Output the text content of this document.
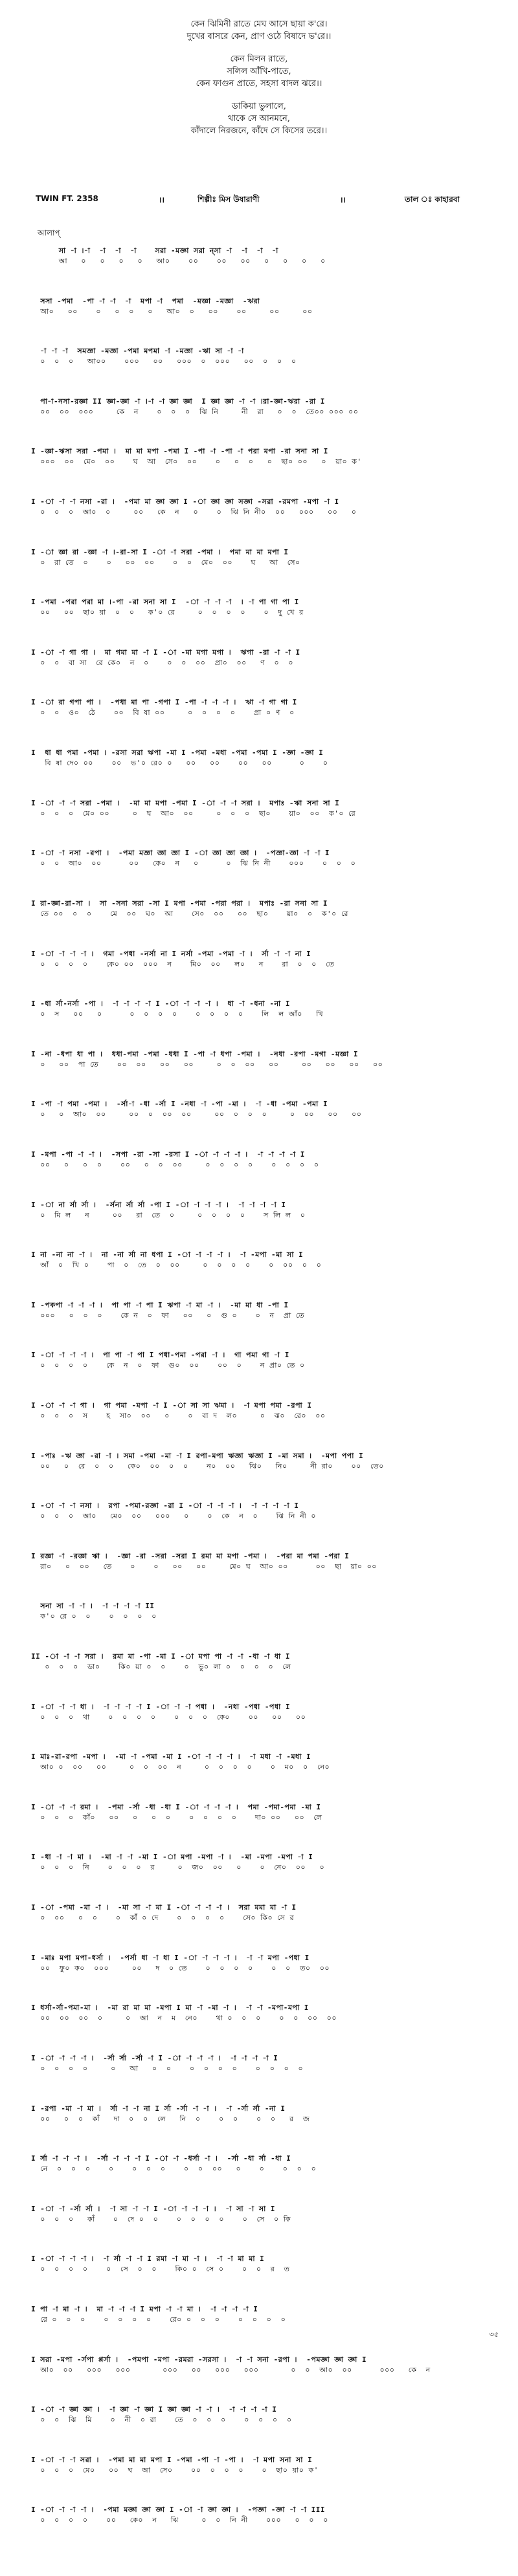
কেন ঝিমিনী রাতে মেঘ আসে ছায়া ক'রে।
দুখের বাসরে কেন, প্রাণ ওঠে বিষাদে ভ'রে।।
কেন মিলন রাতে,
সলিল আঁখি-পাতে,
কেন ফাগুন প্রাতে, সহসা বাদল ঝরে।।
ডাকিয়া ভুলালে,
থাকে সে আনমনে,
কাঁদালে নিরজনে, কাঁদে সে কিসের তরে।।
TWIN FT. 2358	।।	শিল্পীঃ মিস উষারাণী	।।	তাল ঃ কাহারবা
আলাপ্‌
সা -া ।-া  -া  -া  -া    সরা -মজ্ঞা সরা ন্‌সা -া  -া  -া  -া
আ   ০   ০   ০   ০   আ০    ০০    ০০   ০০   ০   ০   ০   ০
সসা -পমা  -পা -া -া  -া  মপা -া  পমা  -মজ্ঞা -মজ্ঞা  -ঋরা
আ০   ০০    ০   ০  ০   ০   আ০  ০   ০০    ০০     ০০     ০০
-া -া -া  সমজ্ঞা -মজ্ঞা -পমা মপমা -া -মজ্ঞা -ঋা সা -া -া
০  ০  ০   আ০০    ০০০   ০০   ০০০  ০  ০০০   ০০  ০  ০  ০
পা-া-নসা-রজ্ঞা II জ্ঞা-জ্ঞা -া ।-া -া জ্ঞা জ্ঞা  I জ্ঞা জ্ঞা -া -া ।রা-জ্ঞা-ঋরা -রা I
০০  ০০  ০০০     কে  ন    ০  ০  ০  ঝি নি     নী  রা   ০  ০  তে০০ ০০০ ০০
I -জ্ঞা-ঋসা সরা -পমা ।  মা মা মপা -পমা I -পা -া -পা -া পরা মপা -রা সনা সা I
০০০  ০০  মে০  ০০    ঘ  আ  সে০  ০০    ০   ০  ০   ০  ছা০ ০০   ০  য়া০ ক'
I -া -া -া নসা -রা ।  -পমা মা জ্ঞা জ্ঞা I -া জ্ঞা জ্ঞা সজ্ঞা -সরা -রমপা -মপা -া I
০  ০  ০  আ০  ০     ০০   কে  ন   ০    ০  ঝি নি নী০  ০০   ০০০   ০০   ০
I -া জ্ঞা রা -জ্ঞা -া ।-রা-সা I -া -া সরা -পমা ।  পমা মা মা মপা I
০  রা তে  ০    ০   ০০  ০০    ০  ০  মে০  ০০    ঘ   আ  সে০
I -পমা -পরা পরা মা ।-পা -রা সনা সা I  -া -া -া -া  । -া পা গা পা I
০০   ০০  ছা০ য়া  ০  ০   ক'০ রে     ০  ০  ০  ০    ০  দু খে র
I -া -া গা গা ।  মা গমা মা -া I -া -মা মগা মগা ।  ঋগা -রা -া -া I
০  ০  বা সা  রে কে০  ন  ০    ০  ০  ০০  প্রা০  ০০   ণ  ০  ০
I -া রা গপা পা ।  -পধা মা পা -গপা I -পা -া -া -া ।  ঋা -া গা গা I
০  ০  ও০  ঠে    ০০  বি ষা ০০     ০  ০  ০  ০    প্রা ০ ণ  ০
I  ধা ধা পমা -পমা । -রসা সরা ঋপা -মা I -পমা -মধা -পমা -পমা I -জ্ঞা -জ্ঞা I
বি ষা দে০ ০০    ০০  ভ'০ রে০ ০   ০০   ০০    ০০   ০০      ০    ০
I -া -া -া সরা -পমা ।  -মা মা মপা -পমা I -া -া -া সরা ।  মপাঃ -ঋা সনা সা I
০  ০  ০  মে০ ০০     ০  ঘ  আ০  ০০     ০  ০  ০  ছা০    য়া০  ০০  ক'০ রে
I -া -া নসা -রপা ।  -পমা মজ্ঞা জ্ঞা জ্ঞা I -া জ্ঞা জ্ঞা জ্ঞা ।  -পজ্ঞা-জ্ঞা -া -া I
০  ০  আ০  ০০      ০০   কে০  ন   ০      ০  ঝি নি নী    ০০০    ০  ০  ০
I রা-জ্ঞা-রা-সা ।  সা -সনা সরা -সা I মপা -পমা -পরা পরা ।  মপাঃ -রা সনা সা I
তে ০০  ০  ০    মে  ০০  ঘ০  আ    সে০  ০০   ০০  ছা০    য়া০  ০  ক'০ রে
I -া -া -া -া ।  গমা -পধা -নর্সা না I নর্সা -পমা -পমা -া ।  র্সা -া -া না I
০  ০  ০  ০    কে০ ০০  ০০০  ন    মি০  ০০   ল০   ন    রা  ০  ০  তে
I -ধা র্সা-নর্সা -পা ।  -া -া -া -া I -া -া -া -া ।  ধা -া -ধনা -না I
০  স   ০০   ০      ০  ০  ০  ০    ০  ০  ০  ০    লি  ল আঁ০   খি
I -না -ধপা ধা পা ।  ধধা-পমা -পমা -ধধা I -পা -া ধপা -পমা ।  -নধা -রপা -মগা -মজ্ঞা I
০   ০০  পা তে    ০০  ০০   ০০   ০০     ০  ০  ০০   ০০     ০০   ০০   ০০   ০০
I -পা -া পমা -পমা ।  -র্সা-া -ধা -র্সা I -নধা -া -পা -মা ।  -া -ধা -পমা -পমা I
০   ০  আ০  ০০     ০০  ০  ০০  ০০     ০০  ০  ০  ০     ০  ০০   ০০   ০০
I -মপা -পা -া -া ।  -সপা -রা -সা -রসা I -া -া -া -া ।  -া -া -া -া I
০০   ০   ০  ০    ০০   ০  ০  ০০     ০  ০  ০  ০    ০  ০  ০  ০
I -া না র্সা র্সা ।  -র্সনা র্সা র্সা -পা I -া -া -া -া ।  -া -া -া -া I
০  মি ল   ন     ০০   রা  তে  ০     ০  ০  ০  ০    স লি ল  ০
I না -না না -া ।  না -না র্সা না ধপা I -া -া -া -া ।  -া -মপা -মা সা I
আঁ  ০  খি ০    পা  ০  তে  ০  ০০     ০  ০  ০  ০    ০  ০০  ০  ০
I -পকপা -া -া -া ।  পা পা -া পা I ঋপা -া মা -া ।  -মা মা ধা -পা I
০০০   ০  ০  ০    কে ন  ০  ফা   ০০   ০  গু ০    ০  ন  প্রা তে
I -া -া -া -া ।  পা পা -া পা I পধা-পমা -পরা -া ।  গা পমা গা -া I
০  ০  ০  ০    কে  ন  ০  ফা  গু০  ০০    ০০  ০    ন প্রা০ তে ০
I -া -া -া গা ।  গা পমা -মপা -া I -া সা সা ঋমা ।  -া মপা পমা -রপা I
০  ০  ০  স    হ  সা০  ০০   ০    ০  বা দ  ল০     ০  ঝ০  রে০  ০০
I -পাঃ -ঋ জ্ঞা -রা -া । সমা -পমা -মা -া I রপা-মপা ঋজ্ঞা ঋজ্ঞা I -মা সমা ।  -মপা পপা I
০০   ০  রে  ০  ০   কে০  ০০  ০  ০    ন০  ০০   ঝি০   নি০     নী রা০    ০০  তে০
I -া -া -া নসা ।  রপা -পমা-রজ্ঞা -রা I -া -া -া -া ।  -া -া -া -া I
০  ০  ০  আ০   মে০  ০০   ০০০   ০    ০  কে  ন  ০    ঝি নি নী ০
I রজ্ঞা -া -রজ্ঞা ঋা ।  -জ্ঞা -রা -সরা -সরা I রমা মা মপা -পমা ।  -পরা মা পমা -পরা I
রা০   ০  ০০   তে    ০    ০   ০০   ০০     মে০ ঘ  আ০ ০০      ০০  ছা  য়া০ ০০
সনা সা -া -া ।  -া -া -া -া II
ক'০ রে ০  ০    ০  ০  ০  ০
II -া -া -া সরা ।  রমা মা -পা -মা I -া মপা পা -া -া -ধা -া ধা I
০  ০  ০  ডা০    কি০ য়া ০  ০    ০  ভু০ লা ০  ০  ০  ০  লে
I -া -া -া ধা ।  -া -া -া -া I -া -া -া পধা ।  -নধা -পধা -পধা I
০  ০  ০  থা    ০  ০  ০  ০    ০  ০  ০  কে০    ০০   ০০   ০০
I মাঃ-রা-রপা -মপা ।  -মা -া -পমা -মা I -া -া -া -া ।  -া মধা -া -মধা I
আ০ ০  ০০   ০০     ০  ০  ০০  ন     ০  ০  ০  ০    ০  ম০  ০  নে০
I -া -া -া রমা ।  -পমা -র্সা -ধা -ধা I -া -া -া -া ।  পমা -পমা-পমা -মা I
০  ০  ০  কাঁ০   ০০   ০   ০  ০    ০  ০  ০  ০    দা০ ০০   ০০  লে
I -ধা -া -া মা ।  -মা -া -া -মা I -া মপা -মপা -া ।  -মা -মপা -মপা -া I
০  ০  ০  নি    ০  ০  ০  র     ০  জ০  ০০   ০    ০  নে০  ০০   ০
I -া -পমা -মা -া ।  -মা সা -া মা I -া -া -া -া ।  সরা মমা মা -া I
০  ০০   ০  ০    ০  কাঁ ০ দে    ০  ০  ০  ০    সে০ কি০ সে র
I -মাঃ মপা মপা-ধর্সা ।  -পর্সা ধা -া ধা I -া -া -া -া ।  -া -া মপা -পধা I
০০  ফু০ ক০  ০০০     ০০   দ  ০ তে    ০  ০  ০  ০    ০  ০  ত০  ০০
I ধর্সা-র্সা-পমা-মা ।  -মা রা মা মা -মপা I মা -া -মা -া ।  -া -া -মপা-মপা I
০০  ০০  ০০  ০     ০  আ  ন  ম  নে০    থা ০  ০  ০    ০  ০  ০০  ০০
I -া -া -া -া ।  -র্সা র্সা -র্সা -া I -া -া -া -া ।  -া -া -া -া I
০  ০  ০  ০     ০   আ   ০  ০    ০  ০  ০  ০    ০  ০  ০  ০
I -রপা -মা -া মা ।  র্সা -া -া না I র্সা -র্সা -া -া ।  -া -র্সা র্সা -না I
০০   ০  ০  কাঁ   দা  ০  ০  লে   নি  ০    ০  ০    ০  ০   র  জ
I র্সা -া -া -া ।  -র্সা -া -া -া I -া -া -ধর্সা -া ।  -র্সা -ধা র্সা -ধা I
নে  ০  ০  ০    ০    ০  ০  ০    ০  ০  ০০   ০    ০    ০  ০  ০
I -া -া -র্সা র্সা ।  -া সা -া -া I -া -া -া -া ।  -া সা -া সা I
০  ০  ০   কাঁ    ০  দে ০  ০    ০  ০  ০  ০    ০  সে  ০ কি
I -া -া -া -া ।  -া র্সা -া -া I রমা -া মা -া ।  -া -া মা মা I
০  ০  ০  ০    ০  সে  ০  ০    কি০ ০  সে ০    ০  ০  র  ত
I পা -া মা -া ।  মা -া -া -া I মপা -া -া মা ।  -া -া -া -া I
রে ০  ০  ০    ০  ০  ০  ০    রে০ ০  ০  ০    ০  ০  ০  ০
I সরা -মপা -র্সপা প্পর্সা ।  -পমপা -মপা -রমরা -সরসা ।  -া -া সনা -রপা ।  -পমজ্ঞা জ্ঞা জ্ঞা I
আ০  ০০   ০০০   ০০০       ০০০   ০০   ০০০   ০০০       ০  ০  আ০  ০০      ০০০   কে  ন
I -া -া জ্ঞা জ্ঞা ।  -া জ্ঞা -া জ্ঞা I জ্ঞা জ্ঞা -া -া ।  -া -া -া -া I
০  ০  ঝি  মি    ০  নী  ০ রা    তে  ০  ০  ০    ০  ০  ০  ০
I -া -া -া সরা ।  -পমা মা মা মপা I -পমা -পা -া -পা ।  -া মপা সনা সা I
০  ০  ০  মে০   ০০  ঘ  আ  সে০    ০০  ০  ০  ০    ০  ছা০ য়া০ ক'
I -া -া -া -া ।  -পমা মজ্ঞা জ্ঞা জ্ঞা I -া -া জ্ঞা জ্ঞা ।  -পজ্ঞা -জ্ঞা -া -া III
০  ০  ০  ০    ০০   কে০  ন   ঝি     ০  ০  নি নী    ০০০   ০  ০  ০
৩৫
